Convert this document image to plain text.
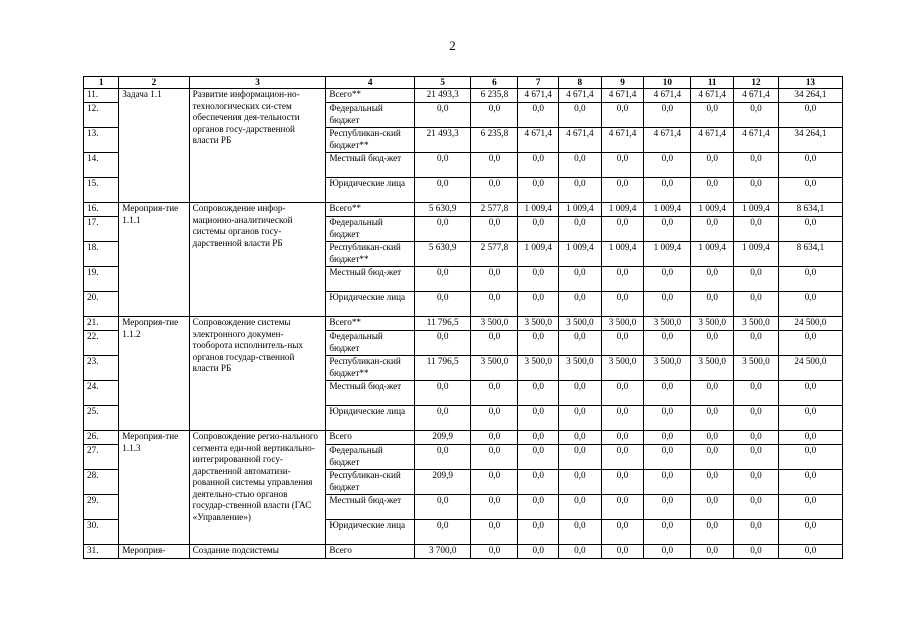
2
1	2	3	4	5	6	7	8	9	10	11	12	13
11.	Задача 1.1	Развитие информацион-но-технологических си-стем обеспечения дея-тельности органов госу-дарственной власти РБ	Всего**	21 493,3	6 235,8	4 671,4	4 671,4	4 671,4	4 671,4	4 671,4	4 671,4	34 264,1
12.			Федеральный бюджет	0,0	0,0	0,0	0,0	0,0	0,0	0,0	0,0	0,0
13.			Республикан-ский бюджет**	21 493,3	6 235,8	4 671,4	4 671,4	4 671,4	4 671,4	4 671,4	4 671,4	34 264,1
14.			Местный бюд-жет	0,0	0,0	0,0	0,0	0,0	0,0	0,0	0,0	0,0
15.			Юридические лица	0,0	0,0	0,0	0,0	0,0	0,0	0,0	0,0	0,0
16.	Мероприя-тие 1.1.1	Сопровождение инфор-мационно-аналитической системы органов госу-дарственной власти РБ	Всего**	5 630,9	2 577,8	1 009,4	1 009,4	1 009,4	1 009,4	1 009,4	1 009,4	8 634,1
17.			Федеральный бюджет	0,0	0,0	0,0	0,0	0,0	0,0	0,0	0,0	0,0
18.			Республикан-ский бюджет**	5 630,9	2 577,8	1 009,4	1 009,4	1 009,4	1 009,4	1 009,4	1 009,4	8 634,1
19.			Местный бюд-жет	0,0	0,0	0,0	0,0	0,0	0,0	0,0	0,0	0,0
20.			Юридические лица	0,0	0,0	0,0	0,0	0,0	0,0	0,0	0,0	0,0
21.	Мероприя-тие 1.1.2	Сопровождение системы электронного докумен-тооборота исполнитель-ных органов государ-ственной власти РБ	Всего**	11 796,5	3 500,0	3 500,0	3 500,0	3 500,0	3 500,0	3 500,0	3 500,0	24 500,0
22.			Федеральный бюджет	0,0	0,0	0,0	0,0	0,0	0,0	0,0	0,0	0,0
23.			Республикан-ский бюджет**	11 796,5	3 500,0	3 500,0	3 500,0	3 500,0	3 500,0	3 500,0	3 500,0	24 500,0
24.			Местный бюд-жет	0,0	0,0	0,0	0,0	0,0	0,0	0,0	0,0	0,0
25.			Юридические лица	0,0	0,0	0,0	0,0	0,0	0,0	0,0	0,0	0,0
26.	Мероприя-тие 1.1.3	Сопровождение регио-нального сегмента еди-ной вертикально-интегрированной госу-дарственной автоматизи-рованной системы управления деятельно-стью органов государ-ственной власти (ГАС «Управление»)	Всего	209,9	0,0	0,0	0,0	0,0	0,0	0,0	0,0	0,0
27.			Федеральный бюджет	0,0	0,0	0,0	0,0	0,0	0,0	0,0	0,0	0,0
28.			Республикан-ский бюджет	209,9	0,0	0,0	0,0	0,0	0,0	0,0	0,0	0,0
29.			Местный бюд-жет	0,0	0,0	0,0	0,0	0,0	0,0	0,0	0,0	0,0
30.			Юридические лица	0,0	0,0	0,0	0,0	0,0	0,0	0,0	0,0	0,0
31.	Мероприя-	Создание подсистемы	Всего	3 700,0	0,0	0,0	0,0	0,0	0,0	0,0	0,0	0,0
